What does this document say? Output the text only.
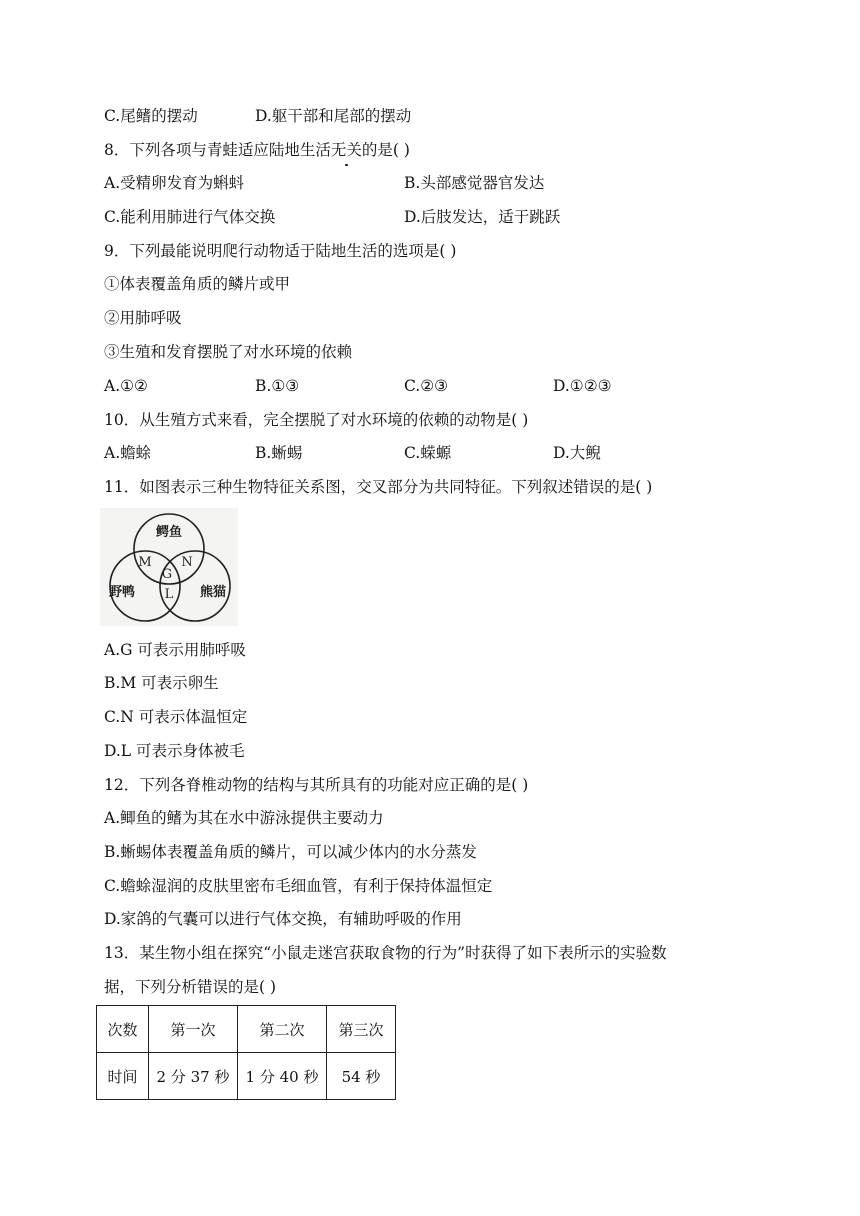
C.尾鳍的摆动	D.躯干部和尾部的摆动
8．下列各项与青蛙适应陆地生活无关的是( )
A.受精卵发育为蝌蚪	B.头部感觉器官发达
C.能利用肺进行气体交换	D.后肢发达，适于跳跃
9．下列最能说明爬行动物适于陆地生活的选项是( )
①体表覆盖角质的鳞片或甲
②用肺呼吸
③生殖和发育摆脱了对水环境的依赖
A.①②	B.①③	C.②③	D.①②③
10．从生殖方式来看，完全摆脱了对水环境的依赖的动物是( )
A.蟾蜍	B.蜥蜴	C.蝾螈	D.大鲵
11．如图表示三种生物特征关系图，交叉部分为共同特征。下列叙述错误的是( )
鳄鱼
野鸭	熊猫
M N
G
L
A.G 可表示用肺呼吸
B.M 可表示卵生
C.N 可表示体温恒定
D.L 可表示身体被毛
12．下列各脊椎动物的结构与其所具有的功能对应正确的是( )
A.鲫鱼的鳍为其在水中游泳提供主要动力
B.蜥蜴体表覆盖角质的鳞片，可以减少体内的水分蒸发
C.蟾蜍湿润的皮肤里密布毛细血管，有利于保持体温恒定
D.家鸽的气囊可以进行气体交换，有辅助呼吸的作用
13．某生物小组在探究“小鼠走迷宫获取食物的行为”时获得了如下表所示的实验数
据，下列分析错误的是( )
次数	第一次	第二次	第三次
时间	2 分 37 秒	1 分 40 秒	54 秒
